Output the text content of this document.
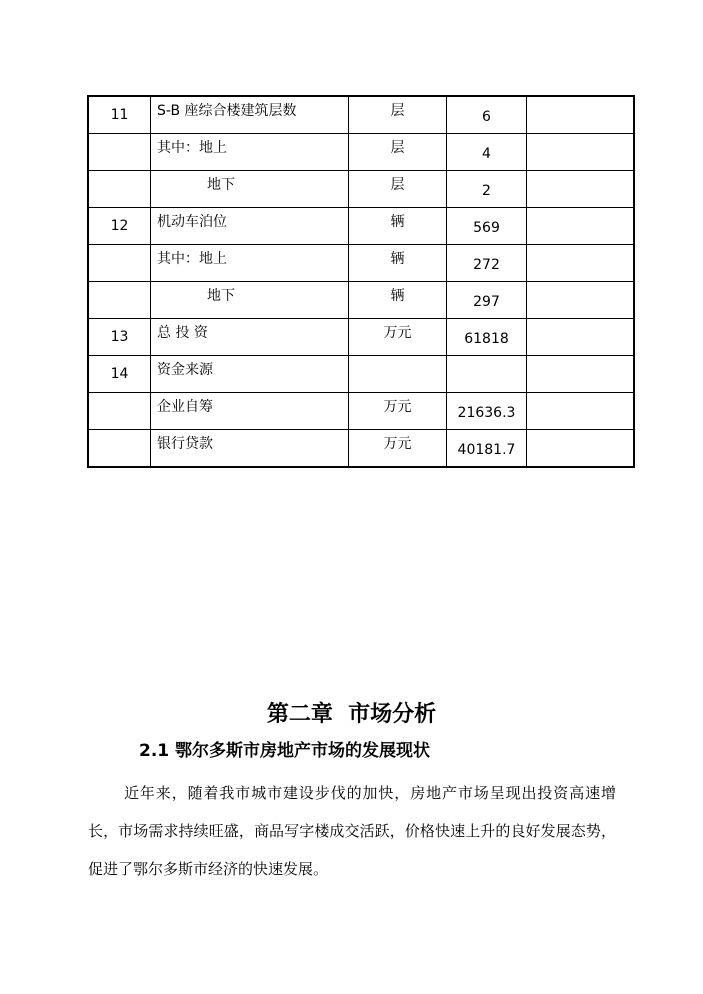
11	S-B 座综合楼建筑层数	层	6	
	其中：地上	层	4	
	地下	层	2	
12	机动车泊位	辆	569	
	其中：地上	辆	272	
	地下	辆	297	
13	总 投 资	万元	61818	
14	资金来源			
	企业自筹	万元	21636.3	
	银行贷款	万元	40181.7	
第二章  市场分析
2.1 鄂尔多斯市房地产市场的发展现状

近年来，随着我市城市建设步伐的加快，房地产市场呈现出投资高速增长，市场需求持续旺盛，商品写字楼成交活跃，价格快速上升的良好发展态势，促进了鄂尔多斯市经济的快速发展。
